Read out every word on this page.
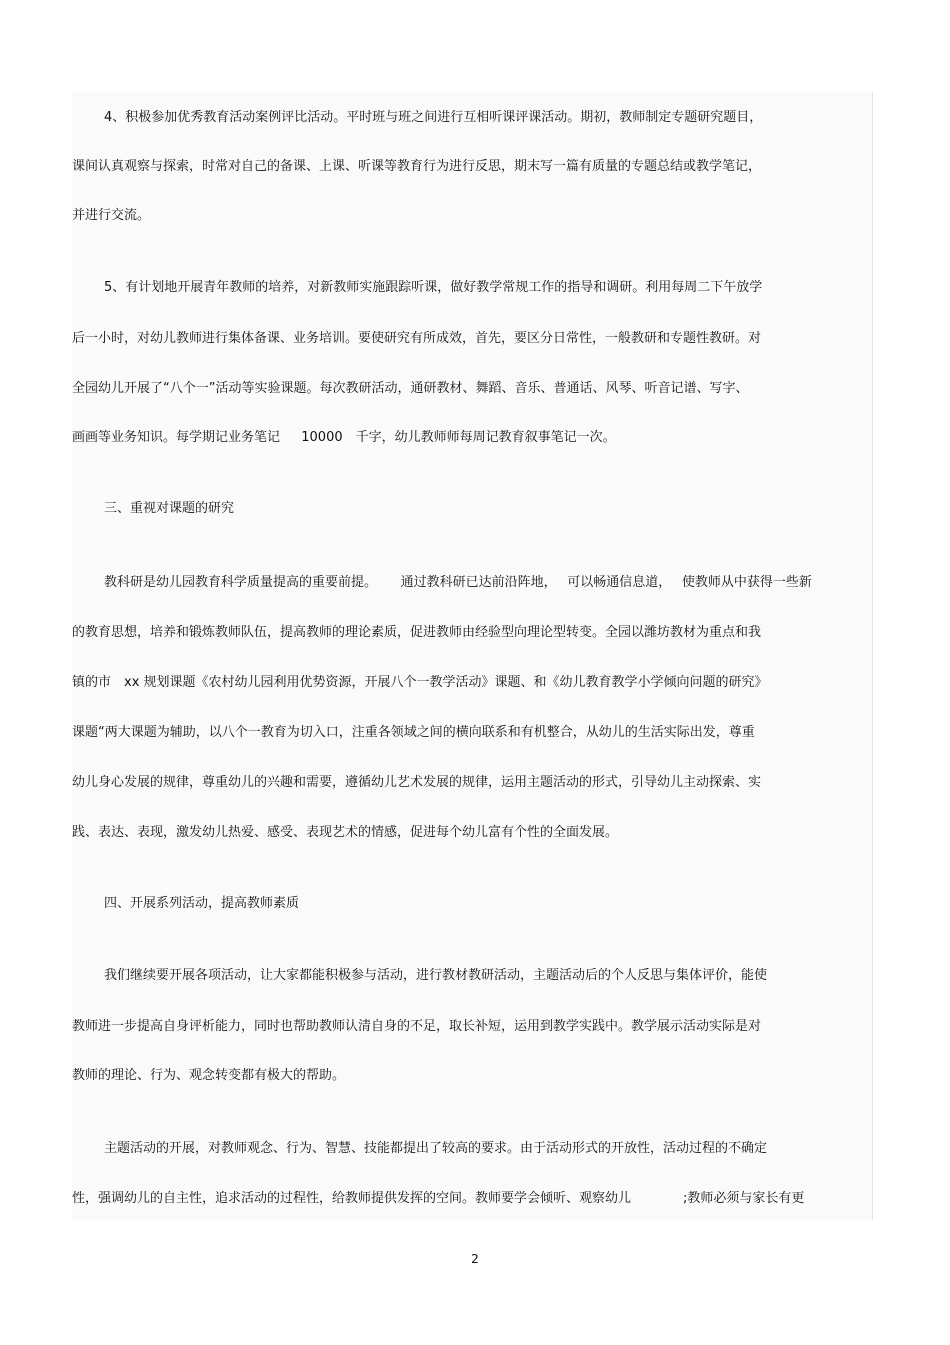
4、积极参加优秀教育活动案例评比活动。平时班与班之间进行互相听课评课活动。期初，教师制定专题研究题目，
课间认真观察与探索，时常对自己的备课、上课、听课等教育行为进行反思，期末写一篇有质量的专题总结或教学笔记，
并进行交流。
5、有计划地开展青年教师的培养，对新教师实施跟踪听课，做好教学常规工作的指导和调研。利用每周二下午放学
后一小时，对幼儿教师进行集体备课、业务培训。要使研究有所成效，首先，要区分日常性，一般教研和专题性教研。对
全园幼儿开展了“八个一”活动等实验课题。每次教研活动，通研教材、舞蹈、音乐、普通话、风琴、听音记谱、写字、
画画等业务知识。每学期记业务笔记 　 10000　千字，幼儿教师师每周记教育叙事笔记一次。
三、重视对课题的研究
教科研是幼儿园教育科学质量提高的重要前提。　 　通过教科研已达前沿阵地，　 可以畅通信息道，　 使教师从中获得一些新
的教育思想，培养和锻炼教师队伍，提高教师的理论素质，促进教师由经验型向理论型转变。全园以潍坊教材为重点和我
镇的市　xx 规划课题《农村幼儿园利用优势资源，开展八个一教学活动》课题、和《幼儿教育教学小学倾向问题的研究》
课题“两大课题为辅助，以八个一教育为切入口，注重各领域之间的横向联系和有机整合，从幼儿的生活实际出发，尊重
幼儿身心发展的规律，尊重幼儿的兴趣和需要，遵循幼儿艺术发展的规律，运用主题活动的形式，引导幼儿主动探索、实
践、表达、表现，激发幼儿热爱、感受、表现艺术的情感，促进每个幼儿富有个性的全面发展。
四、开展系列活动，提高教师素质
我们继续要开展各项活动，让大家都能积极参与活动，进行教材教研活动，主题活动后的个人反思与集体评价，能使
教师进一步提高自身评析能力，同时也帮助教师认清自身的不足，取长补短，运用到教学实践中。教学展示活动实际是对
教师的理论、行为、观念转变都有极大的帮助。
主题活动的开展，对教师观念、行为、智慧、技能都提出了较高的要求。由于活动形式的开放性，活动过程的不确定
性，强调幼儿的自主性，追求活动的过程性，给教师提供发挥的空间。教师要学会倾听、观察幼儿　　　　;教师必须与家长有更
2
